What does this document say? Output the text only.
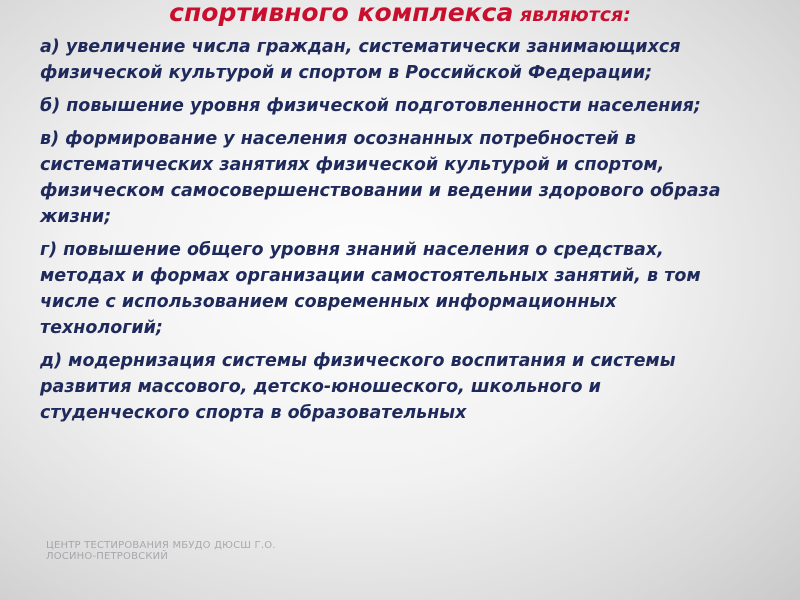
спортивного комплекса являются:

а) увеличение числа граждан, систематически занимающихся физической культурой и спортом в Российской Федерации;

б) повышение уровня физической подготовленности населения;

в) формирование у населения осознанных потребностей в систематических занятиях физической культурой и спортом, физическом самосовершенствовании и ведении здорового образа жизни;

г) повышение общего уровня знаний населения о средствах, методах и формах организации самостоятельных занятий, в том числе с использованием современных информационных технологий;

д) модернизация системы физического воспитания и системы развития массового, детско-юношеского, школьного и студенческого спорта в образовательных

ЦЕНТР ТЕСТИРОВАНИЯ МБУДО ДЮСШ Г.О.
ЛОСИНО-ПЕТРОВСКИЙ
